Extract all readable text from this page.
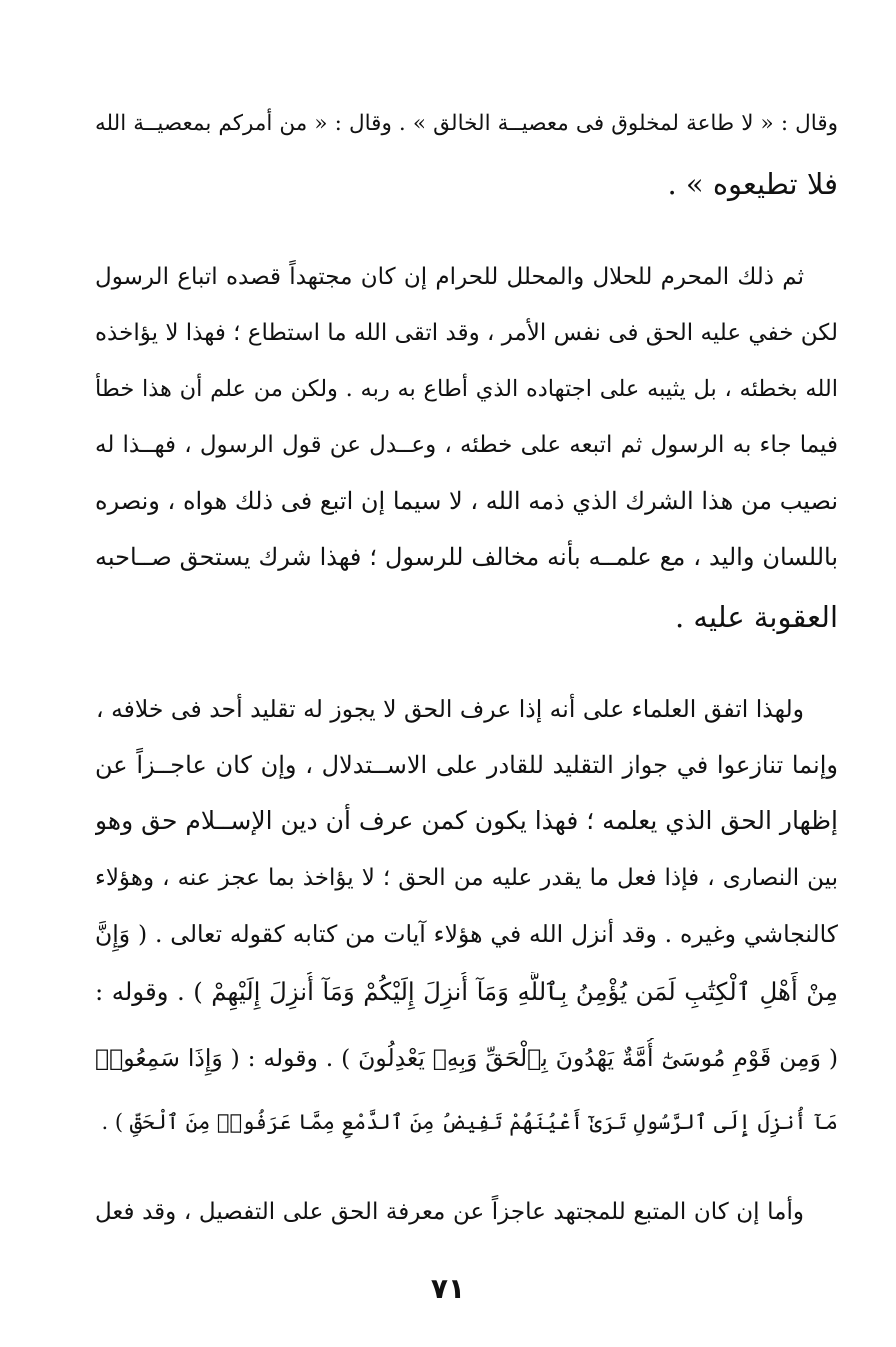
وقال : « لا طاعة لمخلوق فى معصيــة الخالق » . وقال : « من أمركم بمعصيــة الله
فلا تطيعوه » .
ثم ذلك المحرم للحلال والمحلل للحرام إن كان مجتهداً قصده اتباع الرسول
لكن خفي عليه الحق فى نفس الأمر ، وقد اتقى الله ما استطاع ؛ فهذا لا يؤاخذه
الله بخطئه ، بل يثيبه على اجتهاده الذي أطاع به ربه . ولكن من علم أن هذا خطأ
فيما جاء به الرسول ثم اتبعه على خطئه ، وعــدل عن قول الرسول ، فهــذا له
نصيب من هذا الشرك الذي ذمه الله ، لا سيما إن اتبع فى ذلك هواه ، ونصره
باللسان واليد ، مع علمــه بأنه مخالف للرسول ؛ فهذا شرك يستحق صــاحبه
العقوبة عليه .
ولهذا اتفق العلماء على أنه إذا عرف الحق لا يجوز له تقليد أحد فى خلافه ،
وإنما تنازعوا في جواز التقليد للقادر على الاســتدلال ، وإن كان عاجــزاً عن
إظهار الحق الذي يعلمه ؛ فهذا يكون كمن عرف أن دين الإســلام حق وهو
بين النصارى ، فإذا فعل ما يقدر عليه من الحق ؛ لا يؤاخذ بما عجز عنه ، وهؤلاء
كالنجاشي وغيره . وقد أنزل الله في هؤلاء آيات من كتابه كقوله تعالى . ( وَإِنَّ
مِنْ أَهْلِ ٱلْكِتَٰبِ لَمَن يُؤْمِنُ بِٱللَّهِ وَمَآ أُنزِلَ إِلَيْكُمْ وَمَآ أُنزِلَ إِلَيْهِمْ ) . وقوله :
( وَمِن قَوْمِ مُوسَىٰٓ أُمَّةٌ يَهْدُونَ بِٱلْحَقِّ وَبِهِۦ يَعْدِلُونَ ) . وقوله : ( وَإِذَا سَمِعُوا۟
مَآ أُنزِلَ إِلَى ٱلرَّسُولِ تَرَىٰٓ أَعْيُنَهُمْ تَفِيضُ مِنَ ٱلدَّمْعِ مِمَّا عَرَفُوا۟ مِنَ ٱلْحَقِّ ) .
وأما إن كان المتبع للمجتهد عاجزاً عن معرفة الحق على التفصيل ، وقد فعل
٧١
